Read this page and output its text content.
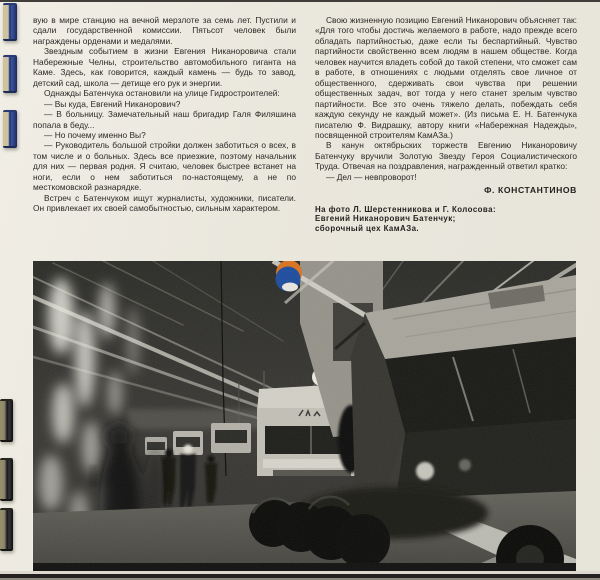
вую в мире станцию на вечной мерзлоте за семь лет. Пустили и сдали государственной комиссии. Пятьсот человек были награждены орденами и медалями.

Звездным событием в жизни Евгения Никаноровича стали Набережные Челны, строительство автомобильного гиганта на Каме. Здесь, как говорится, каждый камень — будь то завод, детский сад, школа — детище его рук и энергии.

Однажды Батенчука остановили на улице Гидростроителей:

— Вы куда, Евгений Никанорович?

— В больницу. Замечательный наш бригадир Галя Филяшина попала в беду...

— Но почему именно Вы?

— Руководитель большой стройки должен заботиться о всех, в том числе и о больных. Здесь все приезжие, поэтому начальник для них — первая родня. Я считаю, человек быстрее встанет на ноги, если о нем заботиться по-настоящему, а не по месткомовской разнарядке.

Встреч с Батенчуком ищут журналисты, художники, писатели. Он привлекает их своей самобытностью, сильным характером.

Свою жизненную позицию Евгений Никанорович объясняет так: «Для того чтобы достичь желаемого в работе, надо прежде всего обладать партийностью, даже если ты беспартийный. Чувство партийности свойственно всем людям в нашем обществе. Когда человек научится владеть собой до такой степени, что сможет сам в работе, в отношениях с людьми отделять свое личное от общественного, сдерживать свои чувства при решении общественных задач, вот тогда у него станет зрелым чувство партийности. Все это очень тяжело делать, побеждать себя каждую секунду не каждый может». (Из письма Е. Н. Батенчука писателю Ф. Видрашку, автору книги «Набережная Надежды», посвященной строителям КамАЗа.)

В канун октябрьских торжеств Евгению Никаноровичу Батенчуку вручили Золотую Звезду Героя Социалистического Труда. Отвечая на поздравления, награжденный ответил кратко:

— Дел — невпроворот!

Ф. КОНСТАНТИНОВ
На фото Л. Шерстенникова и Г. Колосова:
Евгений Никанорович Батенчук;
сборочный цех КамАЗа.
